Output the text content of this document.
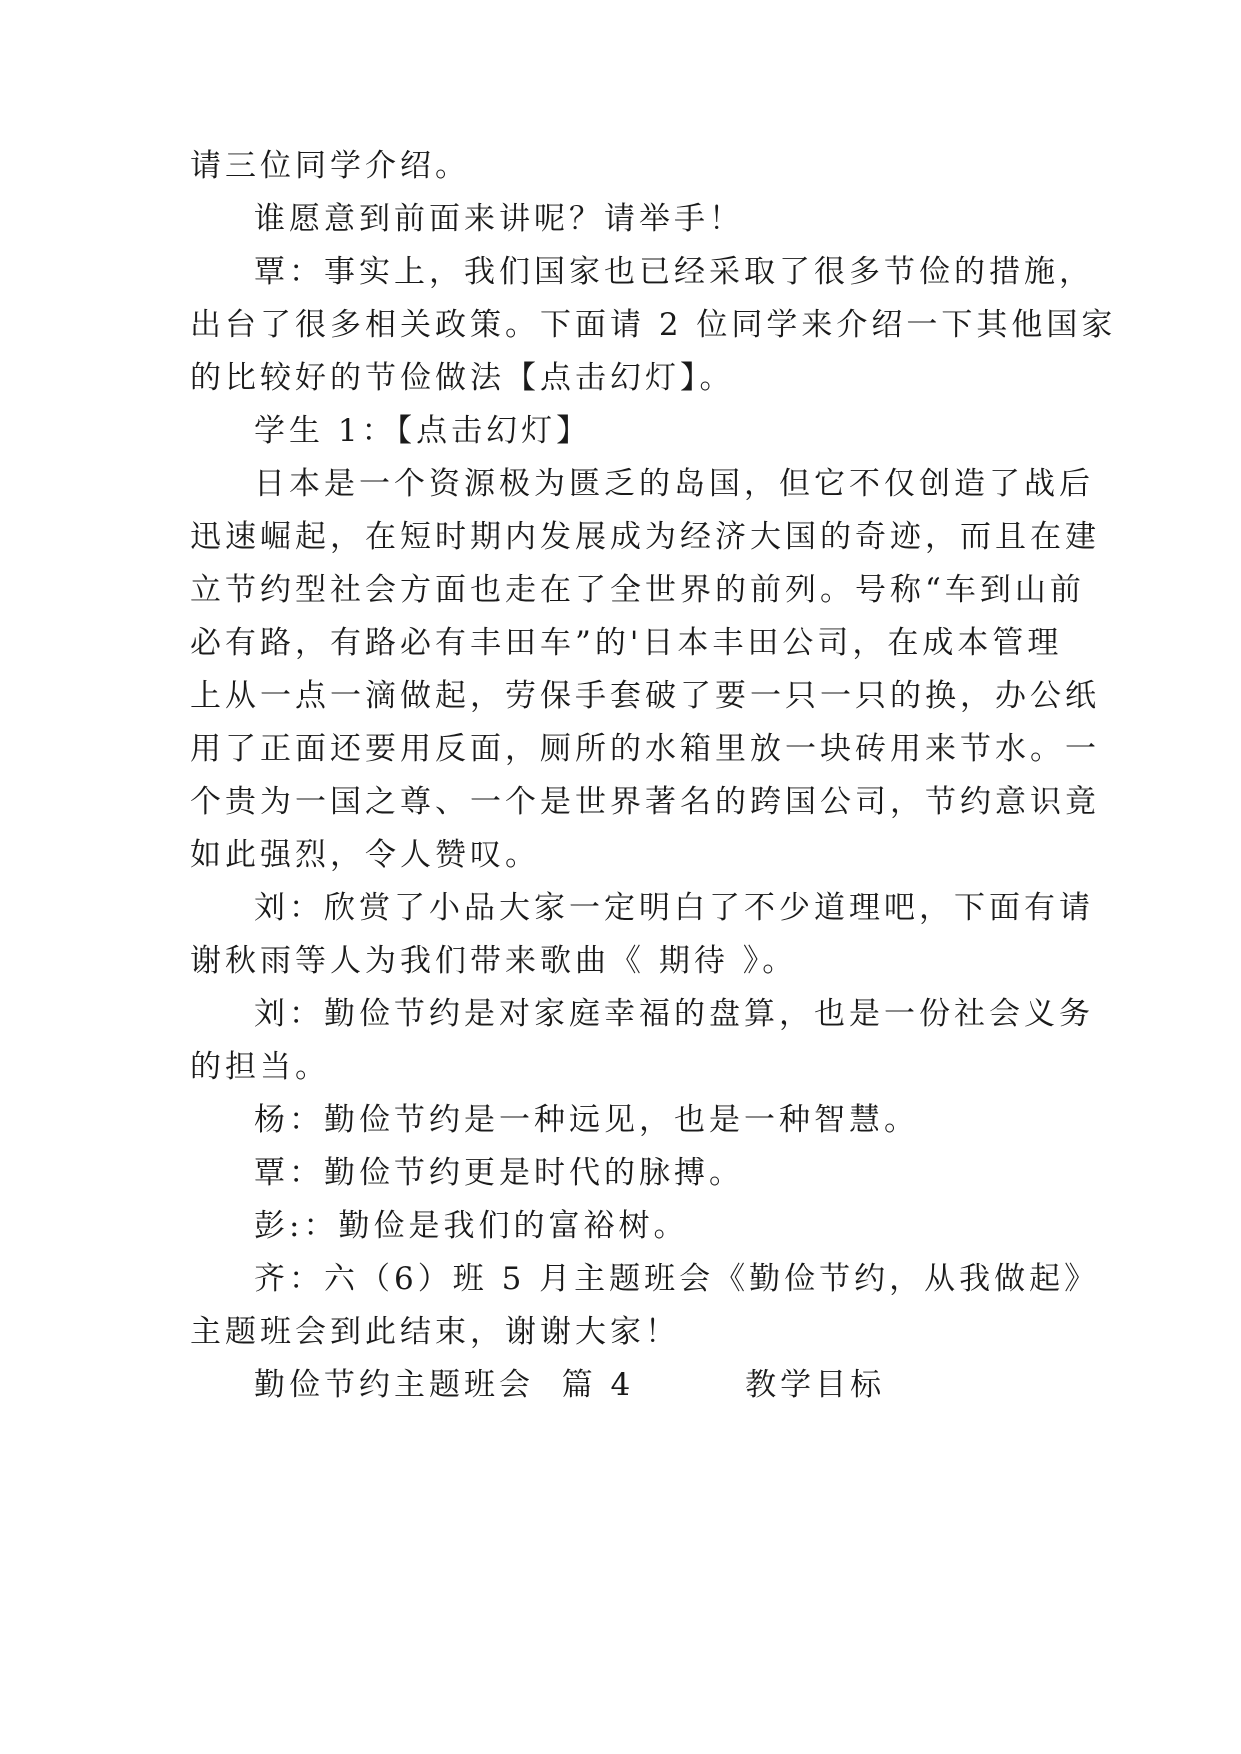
请三位同学介绍。
谁愿意到前面来讲呢？请举手！
覃：事实上，我们国家也已经采取了很多节俭的措施，
出台了很多相关政策。下面请 2 位同学来介绍一下其他国家
的比较好的节俭做法【点击幻灯】。
学生 1：【点击幻灯】
日本是一个资源极为匮乏的岛国，但它不仅创造了战后
迅速崛起，在短时期内发展成为经济大国的奇迹，而且在建
立节约型社会方面也走在了全世界的前列。号称“车到山前
必有路，有路必有丰田车”的'日本丰田公司，在成本管理
上从一点一滴做起，劳保手套破了要一只一只的换，办公纸
用了正面还要用反面，厕所的水箱里放一块砖用来节水。一
个贵为一国之尊、一个是世界著名的跨国公司，节约意识竟
如此强烈，令人赞叹。
刘：欣赏了小品大家一定明白了不少道理吧，下面有请
谢秋雨等人为我们带来歌曲《 期待 》。
刘：勤俭节约是对家庭幸福的盘算，也是一份社会义务
的担当。
杨：勤俭节约是一种远见，也是一种智慧。
覃：勤俭节约更是时代的脉搏。
彭:：勤俭是我们的富裕树。
齐：六（6）班 5 月主题班会《勤俭节约，从我做起》
主题班会到此结束，谢谢大家！
勤俭节约主题班会  篇 4        教学目标
